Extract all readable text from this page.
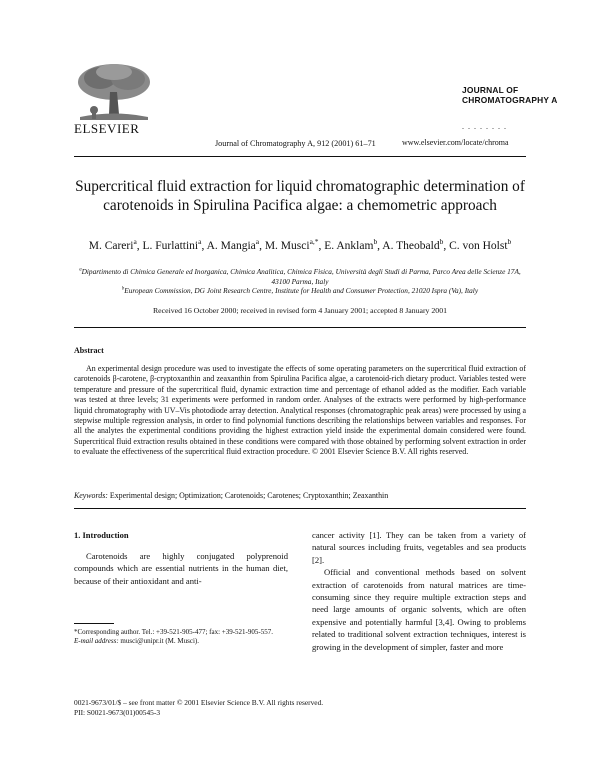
ELSEVIER
Journal of Chromatography A, 912 (2001) 61–71
JOURNAL OF
CHROMATOGRAPHY A
. . . . . . . .
www.elsevier.com/locate/chroma
Supercritical fluid extraction for liquid chromatographic determination of carotenoids in Spirulina Pacifica algae: a chemometric approach
M. Careri$^a$, L. Furlattini$^a$, A. Mangia$^a$, M. Musci$^{a,*}$, E. Anklam$^b$, A. Theobald$^b$, C. von Holst$^b$

$^a$Dipartimento di Chimica Generale ed Inorganica, Chimica Analitica, Chimica Fisica, Università degli Studi di Parma, Parco Area delle Scienze 17A, 43100 Parma, Italy

$^b$European Commission, DG Joint Research Centre, Institute for Health and Consumer Protection, 21020 Ispra (Va), Italy

Received 16 October 2000; received in revised form 4 January 2001; accepted 8 January 2001
Abstract

An experimental design procedure was used to investigate the effects of some operating parameters on the supercritical fluid extraction of carotenoids β-carotene, β-cryptoxanthin and zeaxanthin from Spirulina Pacifica algae, a carotenoid-rich dietary product. Variables tested were temperature and pressure of the supercritical fluid, dynamic extraction time and percentage of ethanol added as the modifier. Each variable was tested at three levels; 31 experiments were performed in random order. Analyses of the extracts were performed by high-performance liquid chromatography with UV–Vis photodiode array detection. Analytical responses (chromatographic peak areas) were processed by using a stepwise multiple regression analysis, in order to find polynomial functions describing the relationships between variables and responses. For all the analytes the experimental conditions providing the highest extraction yield inside the experimental domain considered were found. Supercritical fluid extraction results obtained in these conditions were compared with those obtained by performing solvent extraction in order to evaluate the effectiveness of the supercritical fluid extraction procedure. © 2001 Elsevier Science B.V. All rights reserved.

Keywords: Experimental design; Optimization; Carotenoids; Carotenes; Cryptoxanthin; Zeaxanthin
1. Introduction

Carotenoids are highly conjugated polyprenoid compounds which are essential nutrients in the human diet, because of their antioxidant and anti-

cancer activity [1]. They can be taken from a variety of natural sources including fruits, vegetables and sea products [2].

Official and conventional methods based on solvent extraction of carotenoids from natural matrices are time-consuming since they require multiple extraction steps and need large amounts of organic solvents, which are often expensive and potentially harmful [3,4]. Owing to problems related to traditional solvent extraction techniques, interest is growing in the development of simpler, faster and more

*Corresponding author. Tel.: +39-521-905-477; fax: +39-521-905-557.

E-mail address: musci@unipr.it (M. Musci).

0021-9673/01/$ – see front matter © 2001 Elsevier Science B.V. All rights reserved.

PII: S0021-9673(01)00545-3
